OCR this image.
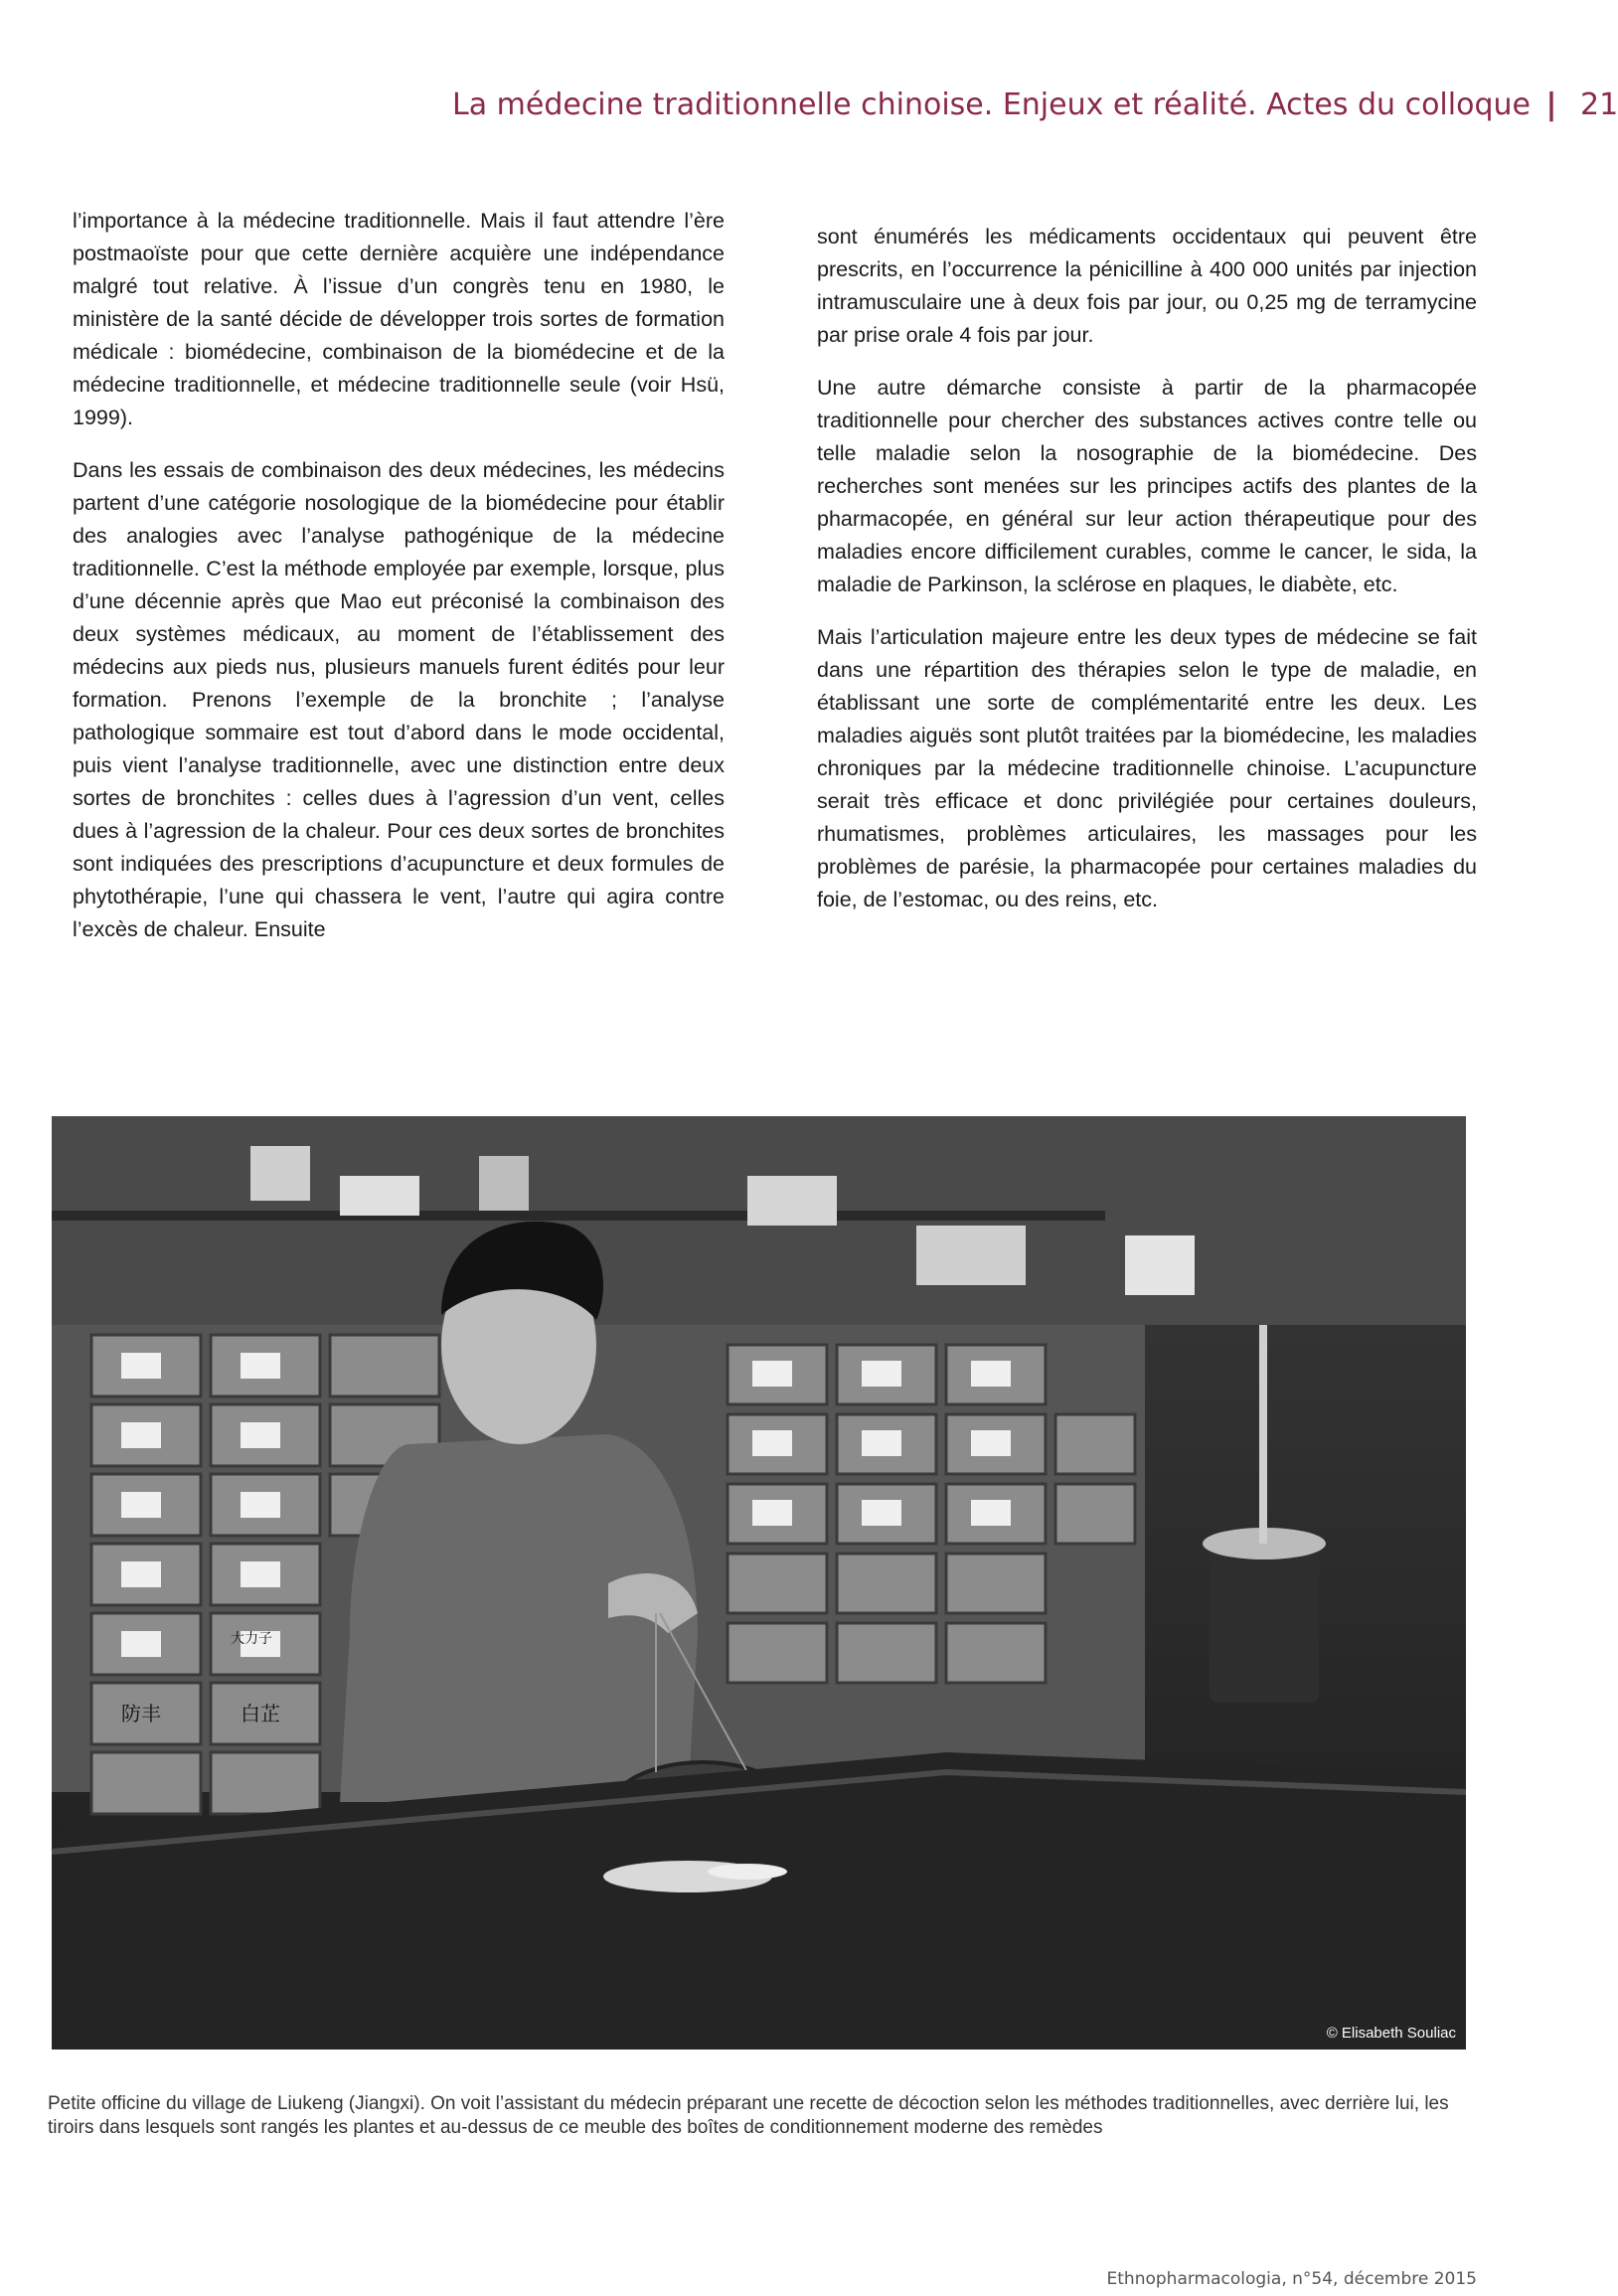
La médecine traditionnelle chinoise. Enjeux et réalité. Actes du colloque | 21

l’importance à la médecine traditionnelle. Mais il faut attendre l’ère postmaoïste pour que cette dernière acquière une indépendance malgré tout relative. À l’issue d’un congrès tenu en 1980, le ministère de la santé décide de développer trois sortes de formation médicale : biomédecine, combinaison de la biomédecine et de la médecine traditionnelle, et médecine traditionnelle seule (voir Hsü, 1999).

Dans les essais de combinaison des deux médecines, les médecins partent d’une catégorie nosologique de la biomédecine pour établir des analogies avec l’analyse pathogénique de la médecine traditionnelle. C’est la méthode employée par exemple, lorsque, plus d’une décennie après que Mao eut préconisé la combinaison des deux systèmes médicaux, au moment de l’établissement des médecins aux pieds nus, plusieurs manuels furent édités pour leur formation. Prenons l’exemple de la bronchite ; l’analyse pathologique sommaire est tout d’abord dans le mode occidental, puis vient l’analyse traditionnelle, avec une distinction entre deux sortes de bronchites : celles dues à l’agression d’un vent, celles dues à l’agression de la chaleur. Pour ces deux sortes de bronchites sont indiquées des prescriptions d’acupuncture et deux formules de phytothérapie, l’une qui chassera le vent, l’autre qui agira contre l’excès de chaleur. Ensuite

sont énumérés les médicaments occidentaux qui peuvent être prescrits, en l’occurrence la pénicilline à 400 000 unités par injection intramusculaire une à deux fois par jour, ou 0,25 mg de terramycine par prise orale 4 fois par jour.

Une autre démarche consiste à partir de la pharmacopée traditionnelle pour chercher des substances actives contre telle ou telle maladie selon la nosographie de la biomédecine. Des recherches sont menées sur les principes actifs des plantes de la pharmacopée, en général sur leur action thérapeutique pour des maladies encore difficilement curables, comme le cancer, le sida, la maladie de Parkinson, la sclérose en plaques, le diabète, etc.

Mais l’articulation majeure entre les deux types de médecine se fait dans une répartition des thérapies selon le type de maladie, en établissant une sorte de complémentarité entre les deux. Les maladies aiguës sont plutôt traitées par la biomédecine, les maladies chroniques par la médecine traditionnelle chinoise. L’acupuncture serait très efficace et donc privilégiée pour certaines douleurs, rhumatismes, problèmes articulaires, les massages pour les problèmes de parésie, la pharmacopée pour certaines maladies du foie, de l’estomac, ou des reins, etc.

防丰	白芷
大力子
© Elisabeth Souliac
Petite officine du village de Liukeng (Jiangxi). On voit l’assistant du médecin préparant une recette de décoction selon les méthodes traditionnelles, avec derrière lui, les tiroirs dans lesquels sont rangés les plantes et au-dessus de ce meuble des boîtes de conditionnement moderne des remèdes
Ethnopharmacologia, n°54, décembre 2015
